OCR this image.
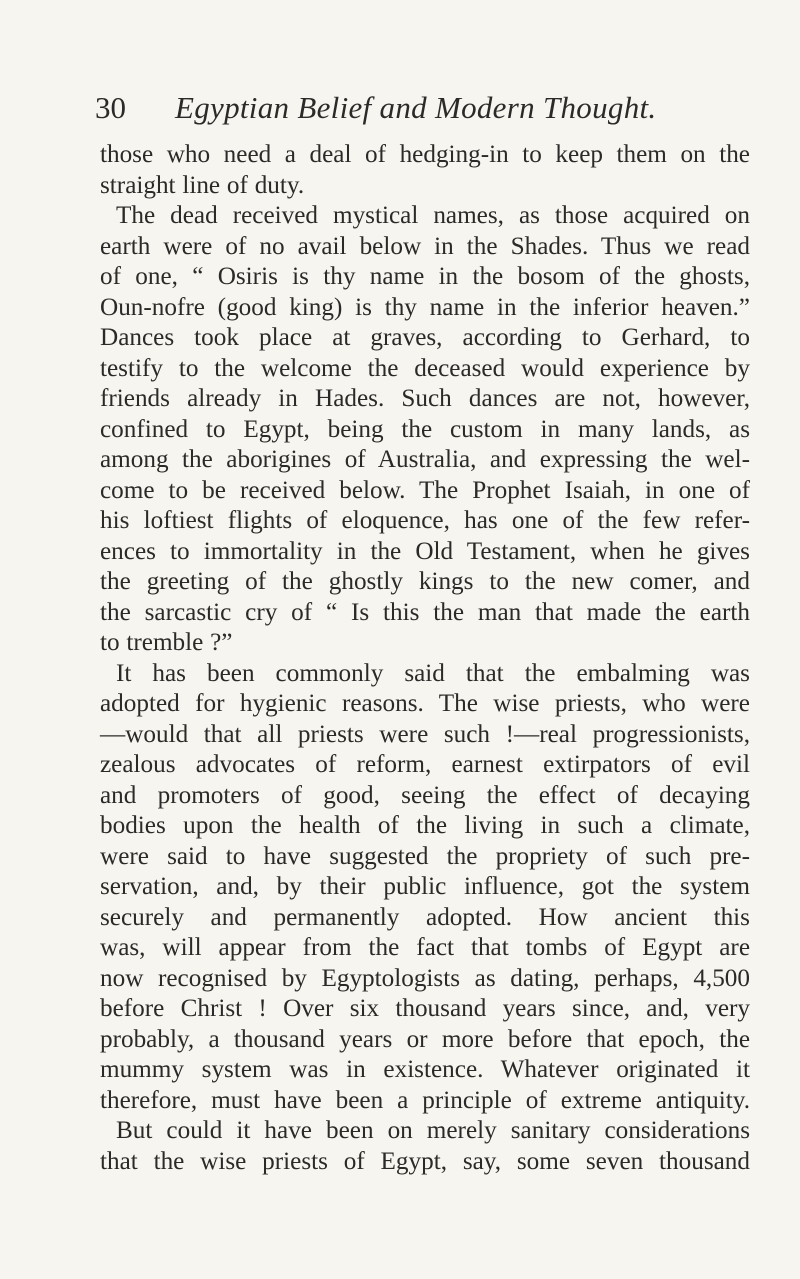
30	Egyptian Belief and Modern Thought.
those who need a deal of hedging-in to keep them on the
straight line of duty.
The dead received mystical names, as those acquired on
earth were of no avail below in the Shades. Thus we read
of one, “ Osiris is thy name in the bosom of the ghosts,
Oun-nofre (good king) is thy name in the inferior heaven.”
Dances took place at graves, according to Gerhard, to
testify to the welcome the deceased would experience by
friends already in Hades. Such dances are not, however,
confined to Egypt, being the custom in many lands, as
among the aborigines of Australia, and expressing the wel-
come to be received below. The Prophet Isaiah, in one of
his loftiest flights of eloquence, has one of the few refer-
ences to immortality in the Old Testament, when he gives
the greeting of the ghostly kings to the new comer, and
the sarcastic cry of “ Is this the man that made the earth
to tremble ?”
It has been commonly said that the embalming was
adopted for hygienic reasons. The wise priests, who were
—would that all priests were such !—real progressionists,
zealous advocates of reform, earnest extirpators of evil
and promoters of good, seeing the effect of decaying
bodies upon the health of the living in such a climate,
were said to have suggested the propriety of such pre-
servation, and, by their public influence, got the system
securely and permanently adopted. How ancient this
was, will appear from the fact that tombs of Egypt are
now recognised by Egyptologists as dating, perhaps, 4,500
before Christ ! Over six thousand years since, and, very
probably, a thousand years or more before that epoch, the
mummy system was in existence. Whatever originated it
therefore, must have been a principle of extreme antiquity.
But could it have been on merely sanitary considerations
that the wise priests of Egypt, say, some seven thousand
